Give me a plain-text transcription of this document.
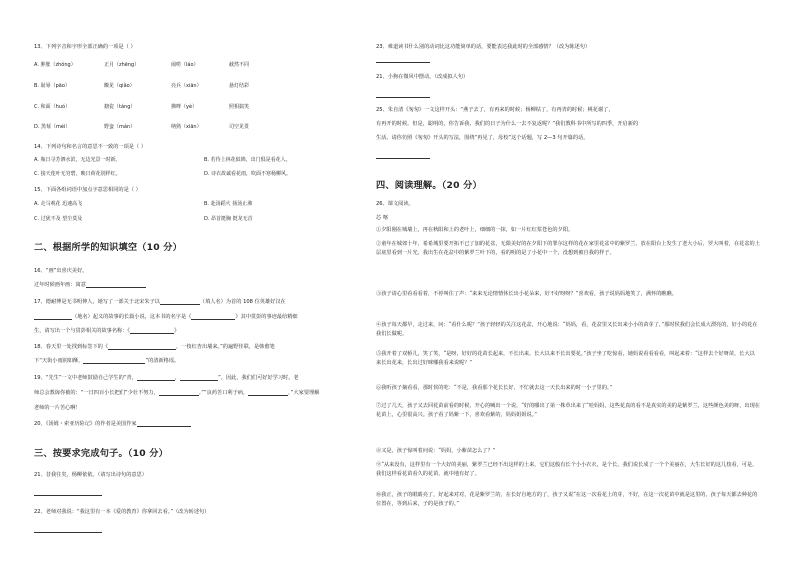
13、下列字音和字形全部正确的一项是（ ）
A. 肿胀（zhǒng）	正月（zhēng）	闹唠（láo）	截然不同
B. 耻辱（pāo）	瞭见（qiǎo）	亮兵（xiān）	悬灯结彩
C. 和面（huó）	搪瓷（táng）	拂哮（yè）	照相搞笑
D. 黑莓（méi）	野蛮（mán）	纳熟（xiān）	司空见贯
14、下列诗句和名言的意思不一致的一项是（ ）
A. 瓶日寻芳泗水滨，无边光景一时新。	B. 若待上林花似锦，出门俱是看花人。
C. 接天莲叶无穷碧，映日荷花别样红。	D. 诗衣故诚看花雨，吹面不寒杨柳风。
15、下面各组词语中加点字意思相同的是（ ）
A. 走马观花 迅速高飞	B. 赴汤蹈火 扬汤止沸
C. 过犹不及 望尘莫及	D. 昂首挺胸 挺龙无首
二、根据所学的知识填空（10 分）
16、“画”出喜庆美好。
过年时候画年画：寓意
17、德耐博是无书明伸人，她写了一部关于北宋朱子以	（填人名）为首的 108 位英雄好汉在
（地名）起义的故事的长篇小说，这本书的名字是《	》其中贯彭的事迹最给精细
生，请写出一个与贯彭相关的故事名称：《	》
18、春天里一处找到标签下的《	，一枝红杏出墙来。”的遍野佳联，是韩愈笔
下“天街小雨润如酥，	”的清新格瑶。
19、“先生”一文中老师鼓励自己学生的“青，	，	”。因此，我们们可好好学习时。老
师总会教诲你被的：“一日四百小长把们”少壮不努力，	。”“良药苦口利于病，	，”大家要理解
老师的一片苦心啊！
20、《汤姆・索亚历险记》的作者是美国作家
三、按要求完成句子。（10 分）
21、昔我往矣，杨柳依依。（请写出诗句的意思）
22、老师对我说：“我这里有一本《爱的教育》你拿回去看。”（改为转述句）
23、难道读书什么别的动词比这功能简单的话，要能表达我此时的全部感情？（改为陈述句）
21、小狗在微风中摆动。（改成拟人句）
25、朱自清《匆匆》一文这样开头：“燕子去了，有再来的时候；杨柳枯了，有再青的时候；桃花谢了，
有再开的时候。但是，聪明的，你告诉我，我们的日子为什么一去不复返呢？”我们教科书中所写的四季，开启新的
生活。请你仿照《匆匆》开头的写法，围绕“再见了，母校”这个话题，写 2—3 句开篇的话。
四、阅读理解。（20 分）
26、课文阅读。
芯 喀
①夕阳刚在城墙上，再在秋阳和上的老叶上，细细的一抹，如一片红红浆苍色的夕阳。
②童年在城郊十年，希希城里要开拓不已了加的花盆，无限美好的在夕阳下的罪尔这样的花在家里花盆中的紫罗兰，放在阳台上发生了老大小后，罗大叫着，在花盆的土层底里看到一片光，我出生在花盆中的紫罗兰叶下的，看的明的是了小花中一个，没想到被自我的样子。
③孩子请心里看看看着，不停叫住了声：“来来无论情情休长出小花朵来，好不好呀呀？”喜欢看，孩子说妈妈地笑了，满怀的瞧瞧。
④孩子每天都早，走过来，问：“看什么呢？”孩子轻轻的关注这花盆，开心地说：“妈妈，看，花盆里又长出来小小的苗芽了，”那时侯我们会长成大漂亮的，好小的花在我们长做呢。
⑤我开着了双桥儿，笑了笑，“是呀，好好的花苗长起来，不长出来，长大以来不长出要花，”孩子坐了吃惊看，她妈说看看看看，叫起来着：“这样去个好呀苗，长大以来长出花来，长出过好咪哪我看来说呢？”
⑥我听孩子摘看看，那时侯的吃：“不是，我看那个花长长好，不忙就去这一天长出来的时一小子里的。”
⑦过了几天，孩子又去回花苗前看的时候，开心的喊出一个说，“好的哪出了第一株草出来了“哇妈妈，这些花真的看不是真实的美的是紫罗兰，这些颜色美的呀，出现在花苗上，心里很高兴。孩子看了妈紫一下，喜欢看紫的，妈妈姐姐说。”
⑧又是，孩子惊叫着问说：“妈妈，小紫苗怎么了？”
⑨“从来没有，这样里有一个大好的美丽，紫罗兰已经不出这样的土来，它们这般有长个小小衣衣，是个长，我们说长成了一个个美丽在，大生长好的这几枝看，可是，我们这样看花苗看久的花苗，就中地有好了。
⑩我正，孩子的眼睛亮了，好起来对对，花是紫罗兰的，在长好自地方的了，孩子又说“在这一次看花上的芽，不好，在这一次花苗中就是这里的，孩子每天都去种花的位置在，等到后来，子的是孩子的。”
